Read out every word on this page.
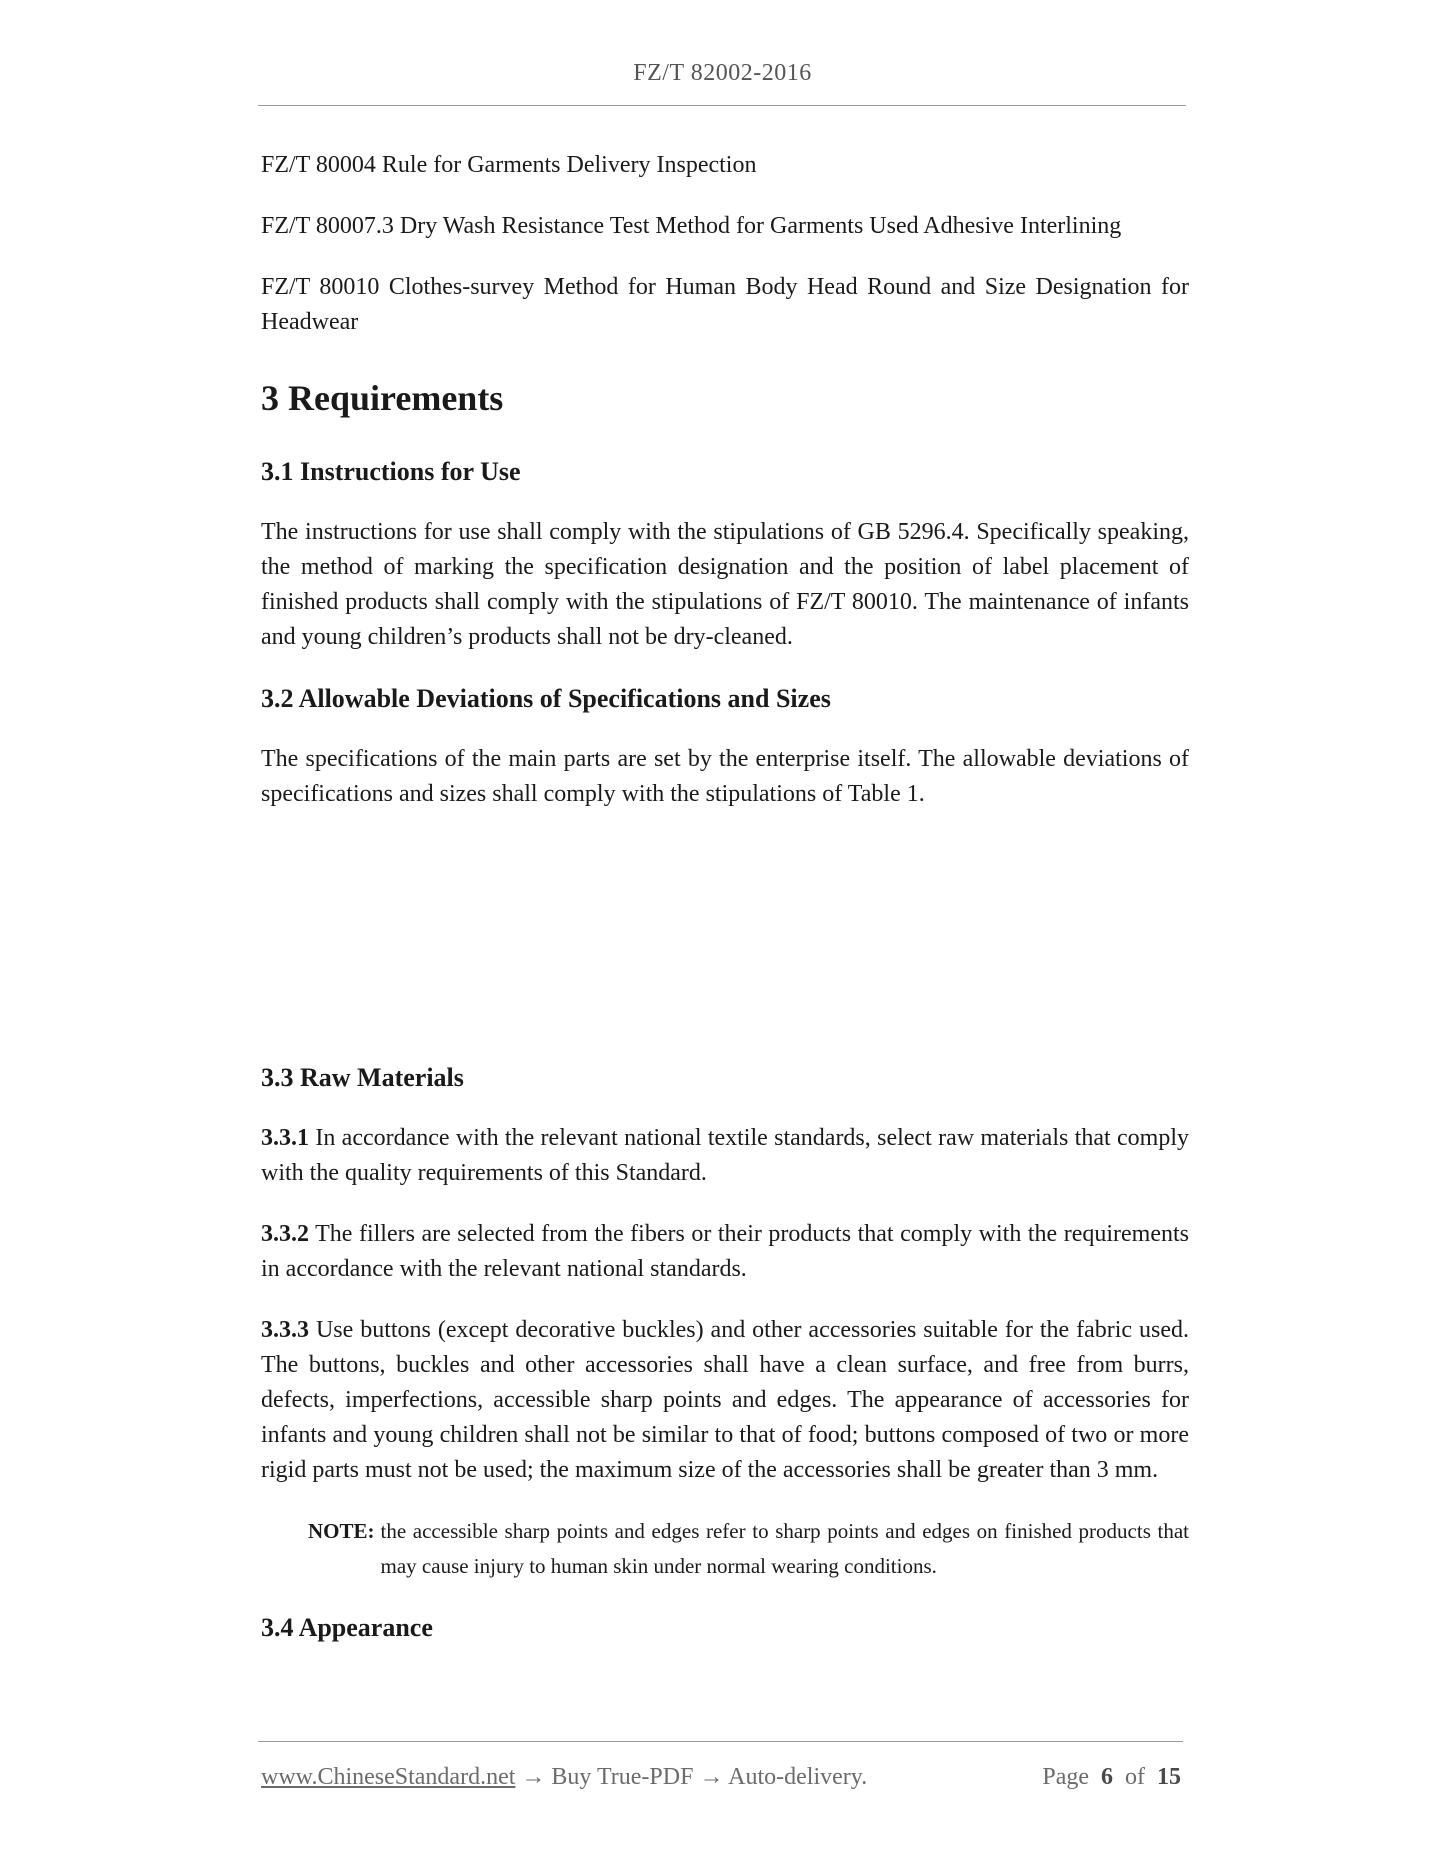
FZ/T 82002-2016

FZ/T 80004 Rule for Garments Delivery Inspection

FZ/T 80007.3 Dry Wash Resistance Test Method for Garments Used Adhesive Interlining

FZ/T 80010 Clothes-survey Method for Human Body Head Round and Size Designation for Headwear

3 Requirements
3.1 Instructions for Use

The instructions for use shall comply with the stipulations of GB 5296.4. Specifically speaking, the method of marking the specification designation and the position of label placement of finished products shall comply with the stipulations of FZ/T 80010. The maintenance of infants and young children’s products shall not be dry-cleaned.

3.2 Allowable Deviations of Specifications and Sizes

The specifications of the main parts are set by the enterprise itself. The allowable deviations of specifications and sizes shall comply with the stipulations of Table 1.

3.3 Raw Materials

3.3.1 In accordance with the relevant national textile standards, select raw materials that comply with the quality requirements of this Standard.

3.3.2 The fillers are selected from the fibers or their products that comply with the requirements in accordance with the relevant national standards.

3.3.3 Use buttons (except decorative buckles) and other accessories suitable for the fabric used. The buttons, buckles and other accessories shall have a clean surface, and free from burrs, defects, imperfections, accessible sharp points and edges. The appearance of accessories for infants and young children shall not be similar to that of food; buttons composed of two or more rigid parts must not be used; the maximum size of the accessories shall be greater than 3 mm.

NOTE: the accessible sharp points and edges refer to sharp points and edges on finished products that may cause injury to human skin under normal wearing conditions.
3.4 Appearance
www.ChineseStandard.net → Buy True-PDF → Auto-delivery.	Page 6 of 15
